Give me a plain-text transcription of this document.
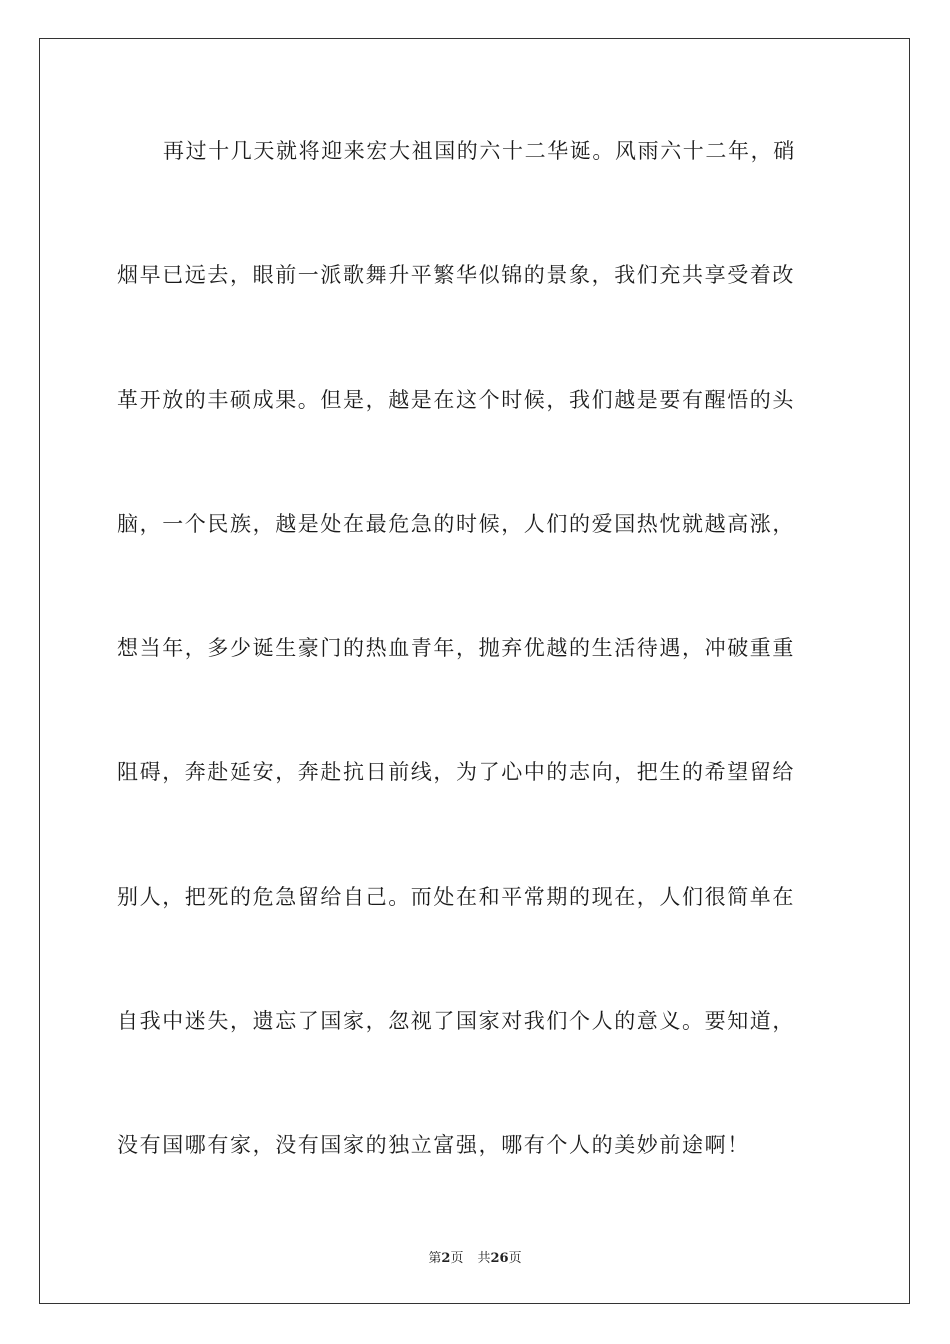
再过十几天就将迎来宏大祖国的六十二华诞。风雨六十二年，硝
烟早已远去，眼前一派歌舞升平繁华似锦的景象，我们充共享受着改
革开放的丰硕成果。但是，越是在这个时候，我们越是要有醒悟的头
脑，一个民族，越是处在最危急的时候，人们的爱国热忱就越高涨，
想当年，多少诞生豪门的热血青年，抛弃优越的生活待遇，冲破重重
阻碍，奔赴延安，奔赴抗日前线，为了心中的志向，把生的希望留给
别人，把死的危急留给自己。而处在和平常期的现在，人们很简单在
自我中迷失，遗忘了国家，忽视了国家对我们个人的意义。要知道，
没有国哪有家，没有国家的独立富强，哪有个人的美妙前途啊！
第2页 共26页
